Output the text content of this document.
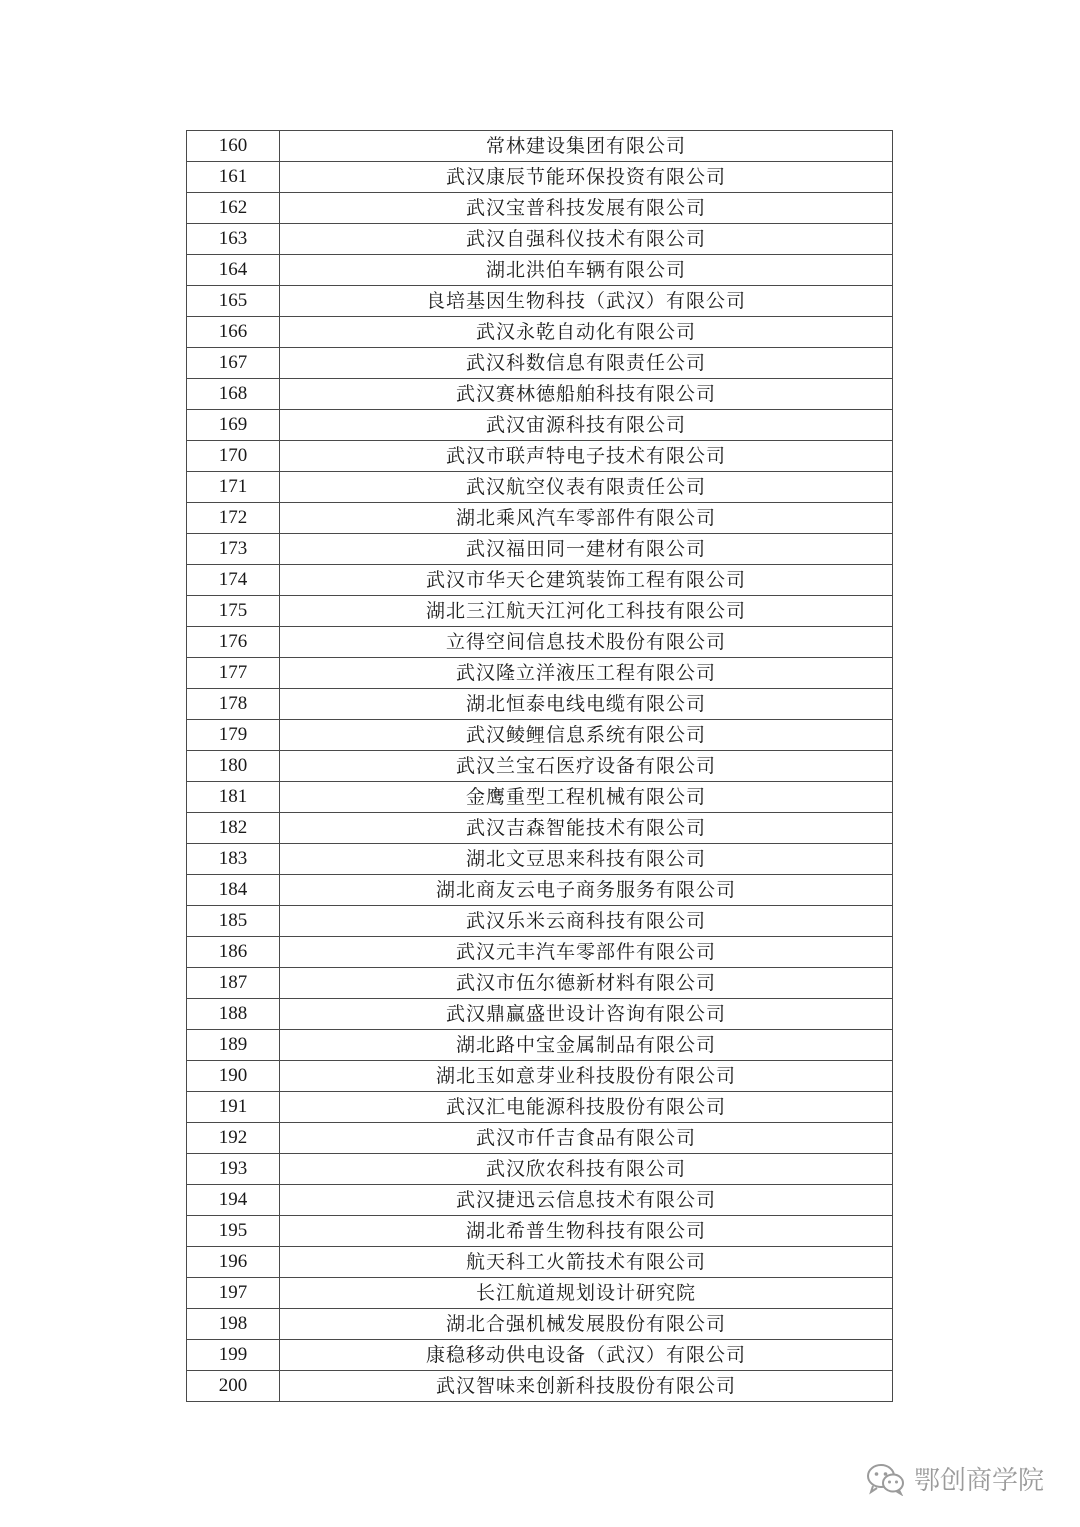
160	常林建设集团有限公司
161	武汉康辰节能环保投资有限公司
162	武汉宝普科技发展有限公司
163	武汉自强科仪技术有限公司
164	湖北洪伯车辆有限公司
165	良培基因生物科技（武汉）有限公司
166	武汉永乾自动化有限公司
167	武汉科数信息有限责任公司
168	武汉赛林德船舶科技有限公司
169	武汉宙源科技有限公司
170	武汉市联声特电子技术有限公司
171	武汉航空仪表有限责任公司
172	湖北乘风汽车零部件有限公司
173	武汉福田同一建材有限公司
174	武汉市华天仑建筑装饰工程有限公司
175	湖北三江航天江河化工科技有限公司
176	立得空间信息技术股份有限公司
177	武汉隆立洋液压工程有限公司
178	湖北恒泰电线电缆有限公司
179	武汉鲮鲤信息系统有限公司
180	武汉兰宝石医疗设备有限公司
181	金鹰重型工程机械有限公司
182	武汉吉森智能技术有限公司
183	湖北文豆思来科技有限公司
184	湖北商友云电子商务服务有限公司
185	武汉乐米云商科技有限公司
186	武汉元丰汽车零部件有限公司
187	武汉市伍尔德新材料有限公司
188	武汉鼎赢盛世设计咨询有限公司
189	湖北路中宝金属制品有限公司
190	湖北玉如意芽业科技股份有限公司
191	武汉汇电能源科技股份有限公司
192	武汉市仟吉食品有限公司
193	武汉欣农科技有限公司
194	武汉捷迅云信息技术有限公司
195	湖北希普生物科技有限公司
196	航天科工火箭技术有限公司
197	长江航道规划设计研究院
198	湖北合强机械发展股份有限公司
199	康稳移动供电设备（武汉）有限公司
200	武汉智味来创新科技股份有限公司
鄂创商学院
